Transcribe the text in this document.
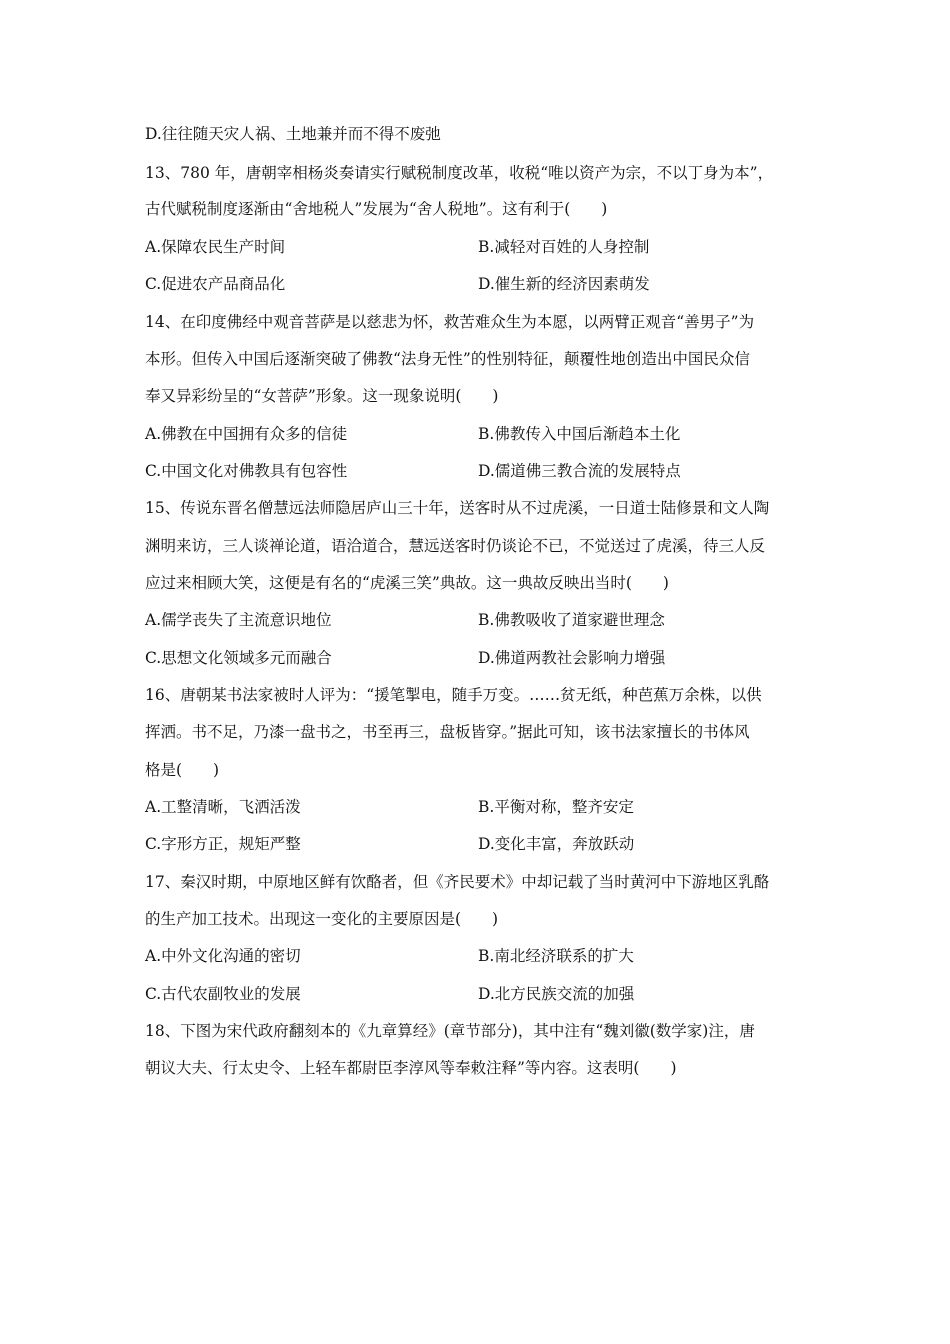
D.往往随天灾人祸、土地兼并而不得不废弛
13、780 年，唐朝宰相杨炎奏请实行赋税制度改革，收税“唯以资产为宗，不以丁身为本”，
古代赋税制度逐渐由“舍地税人”发展为“舍人税地”。这有利于(　　)
A.保障农民生产时间	B.减轻对百姓的人身控制
C.促进农产品商品化	D.催生新的经济因素萌发
14、在印度佛经中观音菩萨是以慈悲为怀，救苦难众生为本愿，以两臂正观音“善男子”为
本形。但传入中国后逐渐突破了佛教“法身无性”的性别特征，颠覆性地创造出中国民众信
奉又异彩纷呈的“女菩萨”形象。这一现象说明(　　)
A.佛教在中国拥有众多的信徒	B.佛教传入中国后渐趋本土化
C.中国文化对佛教具有包容性	D.儒道佛三教合流的发展特点
15、传说东晋名僧慧远法师隐居庐山三十年，送客时从不过虎溪，一日道士陆修景和文人陶
渊明来访，三人谈禅论道，语洽道合，慧远送客时仍谈论不已，不觉送过了虎溪，待三人反
应过来相顾大笑，这便是有名的“虎溪三笑”典故。这一典故反映出当时(　　)
A.儒学丧失了主流意识地位	B.佛教吸收了道家避世理念
C.思想文化领域多元而融合	D.佛道两教社会影响力增强
16、唐朝某书法家被时人评为：“援笔掣电，随手万变。……贫无纸，种芭蕉万余株，以供
挥洒。书不足，乃漆一盘书之，书至再三，盘板皆穿。”据此可知，该书法家擅长的书体风
格是(　　)
A.工整清晰，飞洒活泼	B.平衡对称，整齐安定
C.字形方正，规矩严整	D.变化丰富，奔放跃动
17、秦汉时期，中原地区鲜有饮酪者，但《齐民要术》中却记载了当时黄河中下游地区乳酪
的生产加工技术。出现这一变化的主要原因是(　　)
A.中外文化沟通的密切	B.南北经济联系的扩大
C.古代农副牧业的发展	D.北方民族交流的加强
18、下图为宋代政府翻刻本的《九章算经》(章节部分)，其中注有“魏刘徽(数学家)注，唐
朝议大夫、行太史令、上轻车都尉臣李淳风等奉敕注释”等内容。这表明(　　)
